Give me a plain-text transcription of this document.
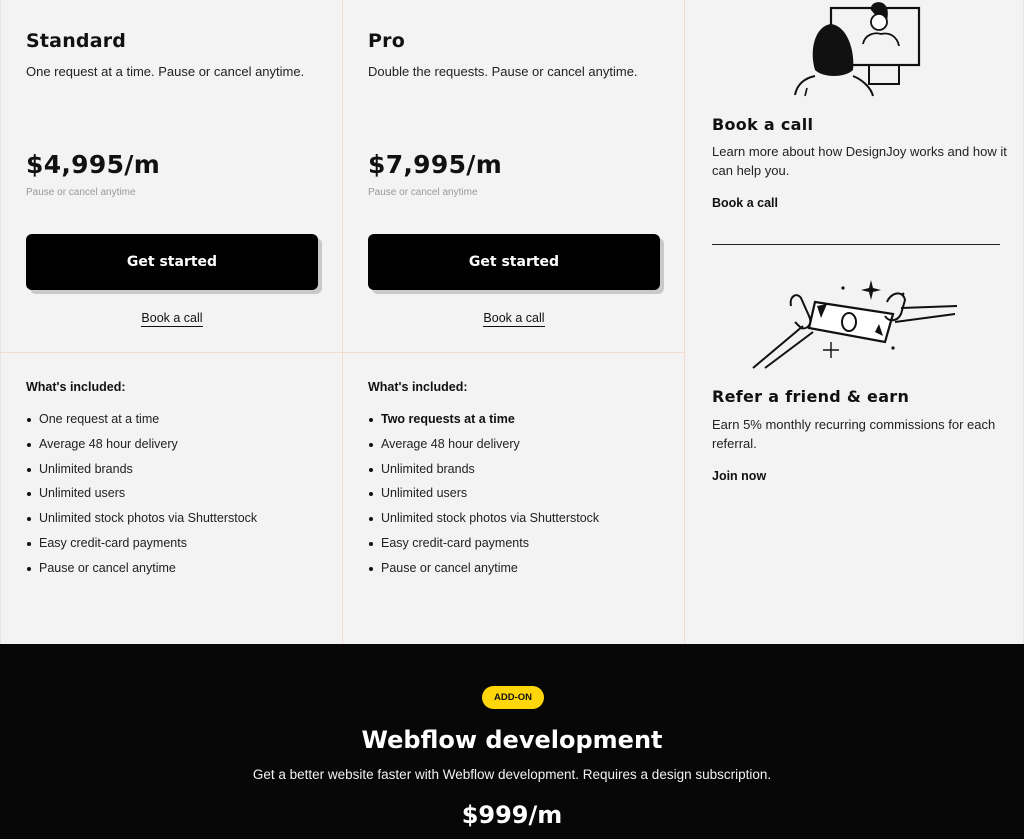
Standard
One request at a time. Pause or cancel anytime.
$4,995/m
Pause or cancel anytime
Get started
Book a call
What's included:
One request at a time
Average 48 hour delivery
Unlimited brands
Unlimited users
Unlimited stock photos via Shutterstock
Easy credit-card payments
Pause or cancel anytime
Pro
Double the requests. Pause or cancel anytime.
$7,995/m
Pause or cancel anytime
Get started
Book a call
What's included:
Two requests at a time
Average 48 hour delivery
Unlimited brands
Unlimited users
Unlimited stock photos via Shutterstock
Easy credit-card payments
Pause or cancel anytime
Book a call
Learn more about how DesignJoy works and how it can help you.
Book a call
Refer a friend & earn
Earn 5% monthly recurring commissions for each referral.
Join now
ADD-ON
Webflow development
Get a better website faster with Webflow development. Requires a design subscription.
$999/m
